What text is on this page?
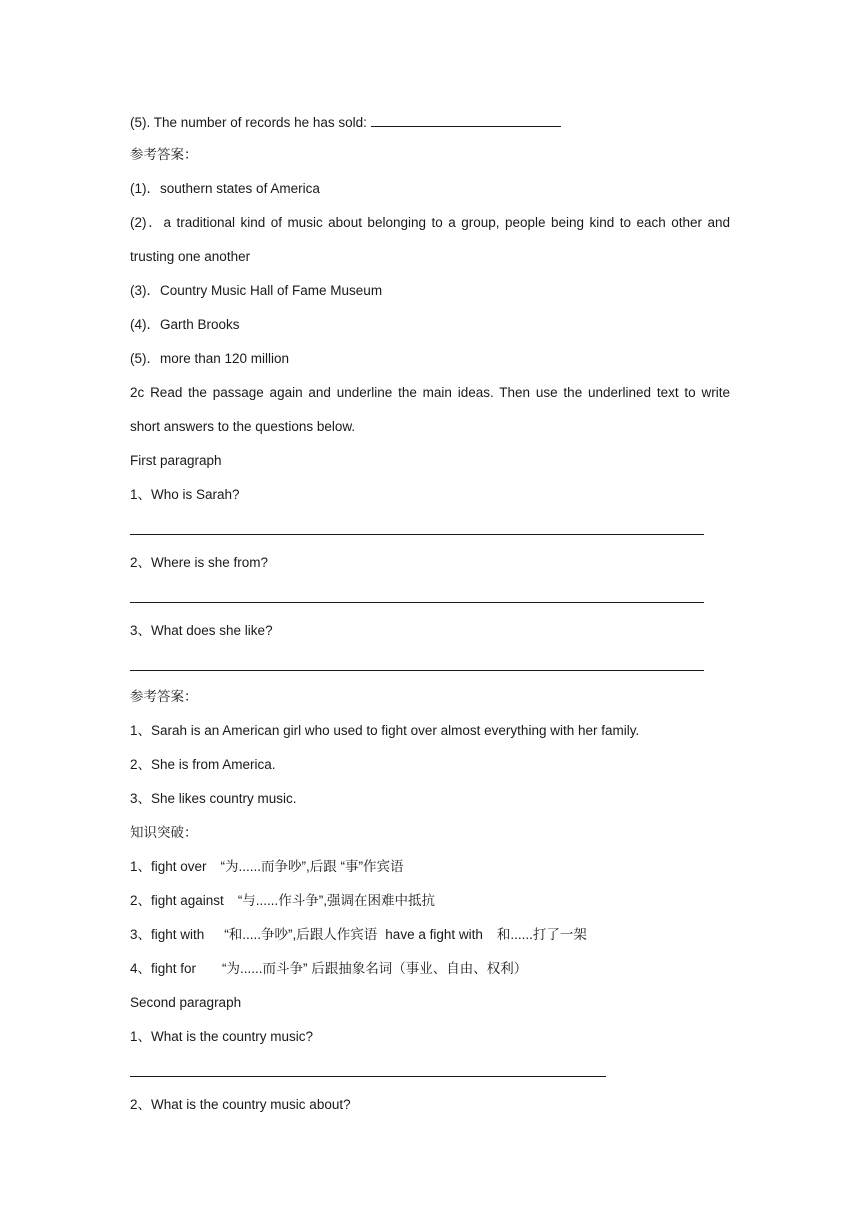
(5). The number of records he has sold:
参考答案：
(1)．southern states of America
(2)．a traditional kind of music about belonging to a group, people being kind to each other and
trusting one another
(3)．Country Music Hall of Fame Museum
(4)．Garth Brooks
(5)．more than 120 million
2c Read the passage again and underline the main ideas. Then use the underlined text to write
short answers to the questions below.
First paragraph
1、Who is Sarah?
2、Where is she from?
3、What does she like?
参考答案：
1、Sarah is an American girl who used to fight over almost everything with her family.
2、She is from America.
3、She likes country music.
知识突破：
1、fight over “为......而争吵”,后跟 “事”作宾语
2、fight against “与......作斗争”,强调在困难中抵抗
3、fight with “和.....争吵”,后跟人作宾语 have a fight with 和......打了一架
4、fight for “为......而斗争” 后跟抽象名词（事业、自由、权利）
Second paragraph
1、What is the country music?
2、What is the country music about?
